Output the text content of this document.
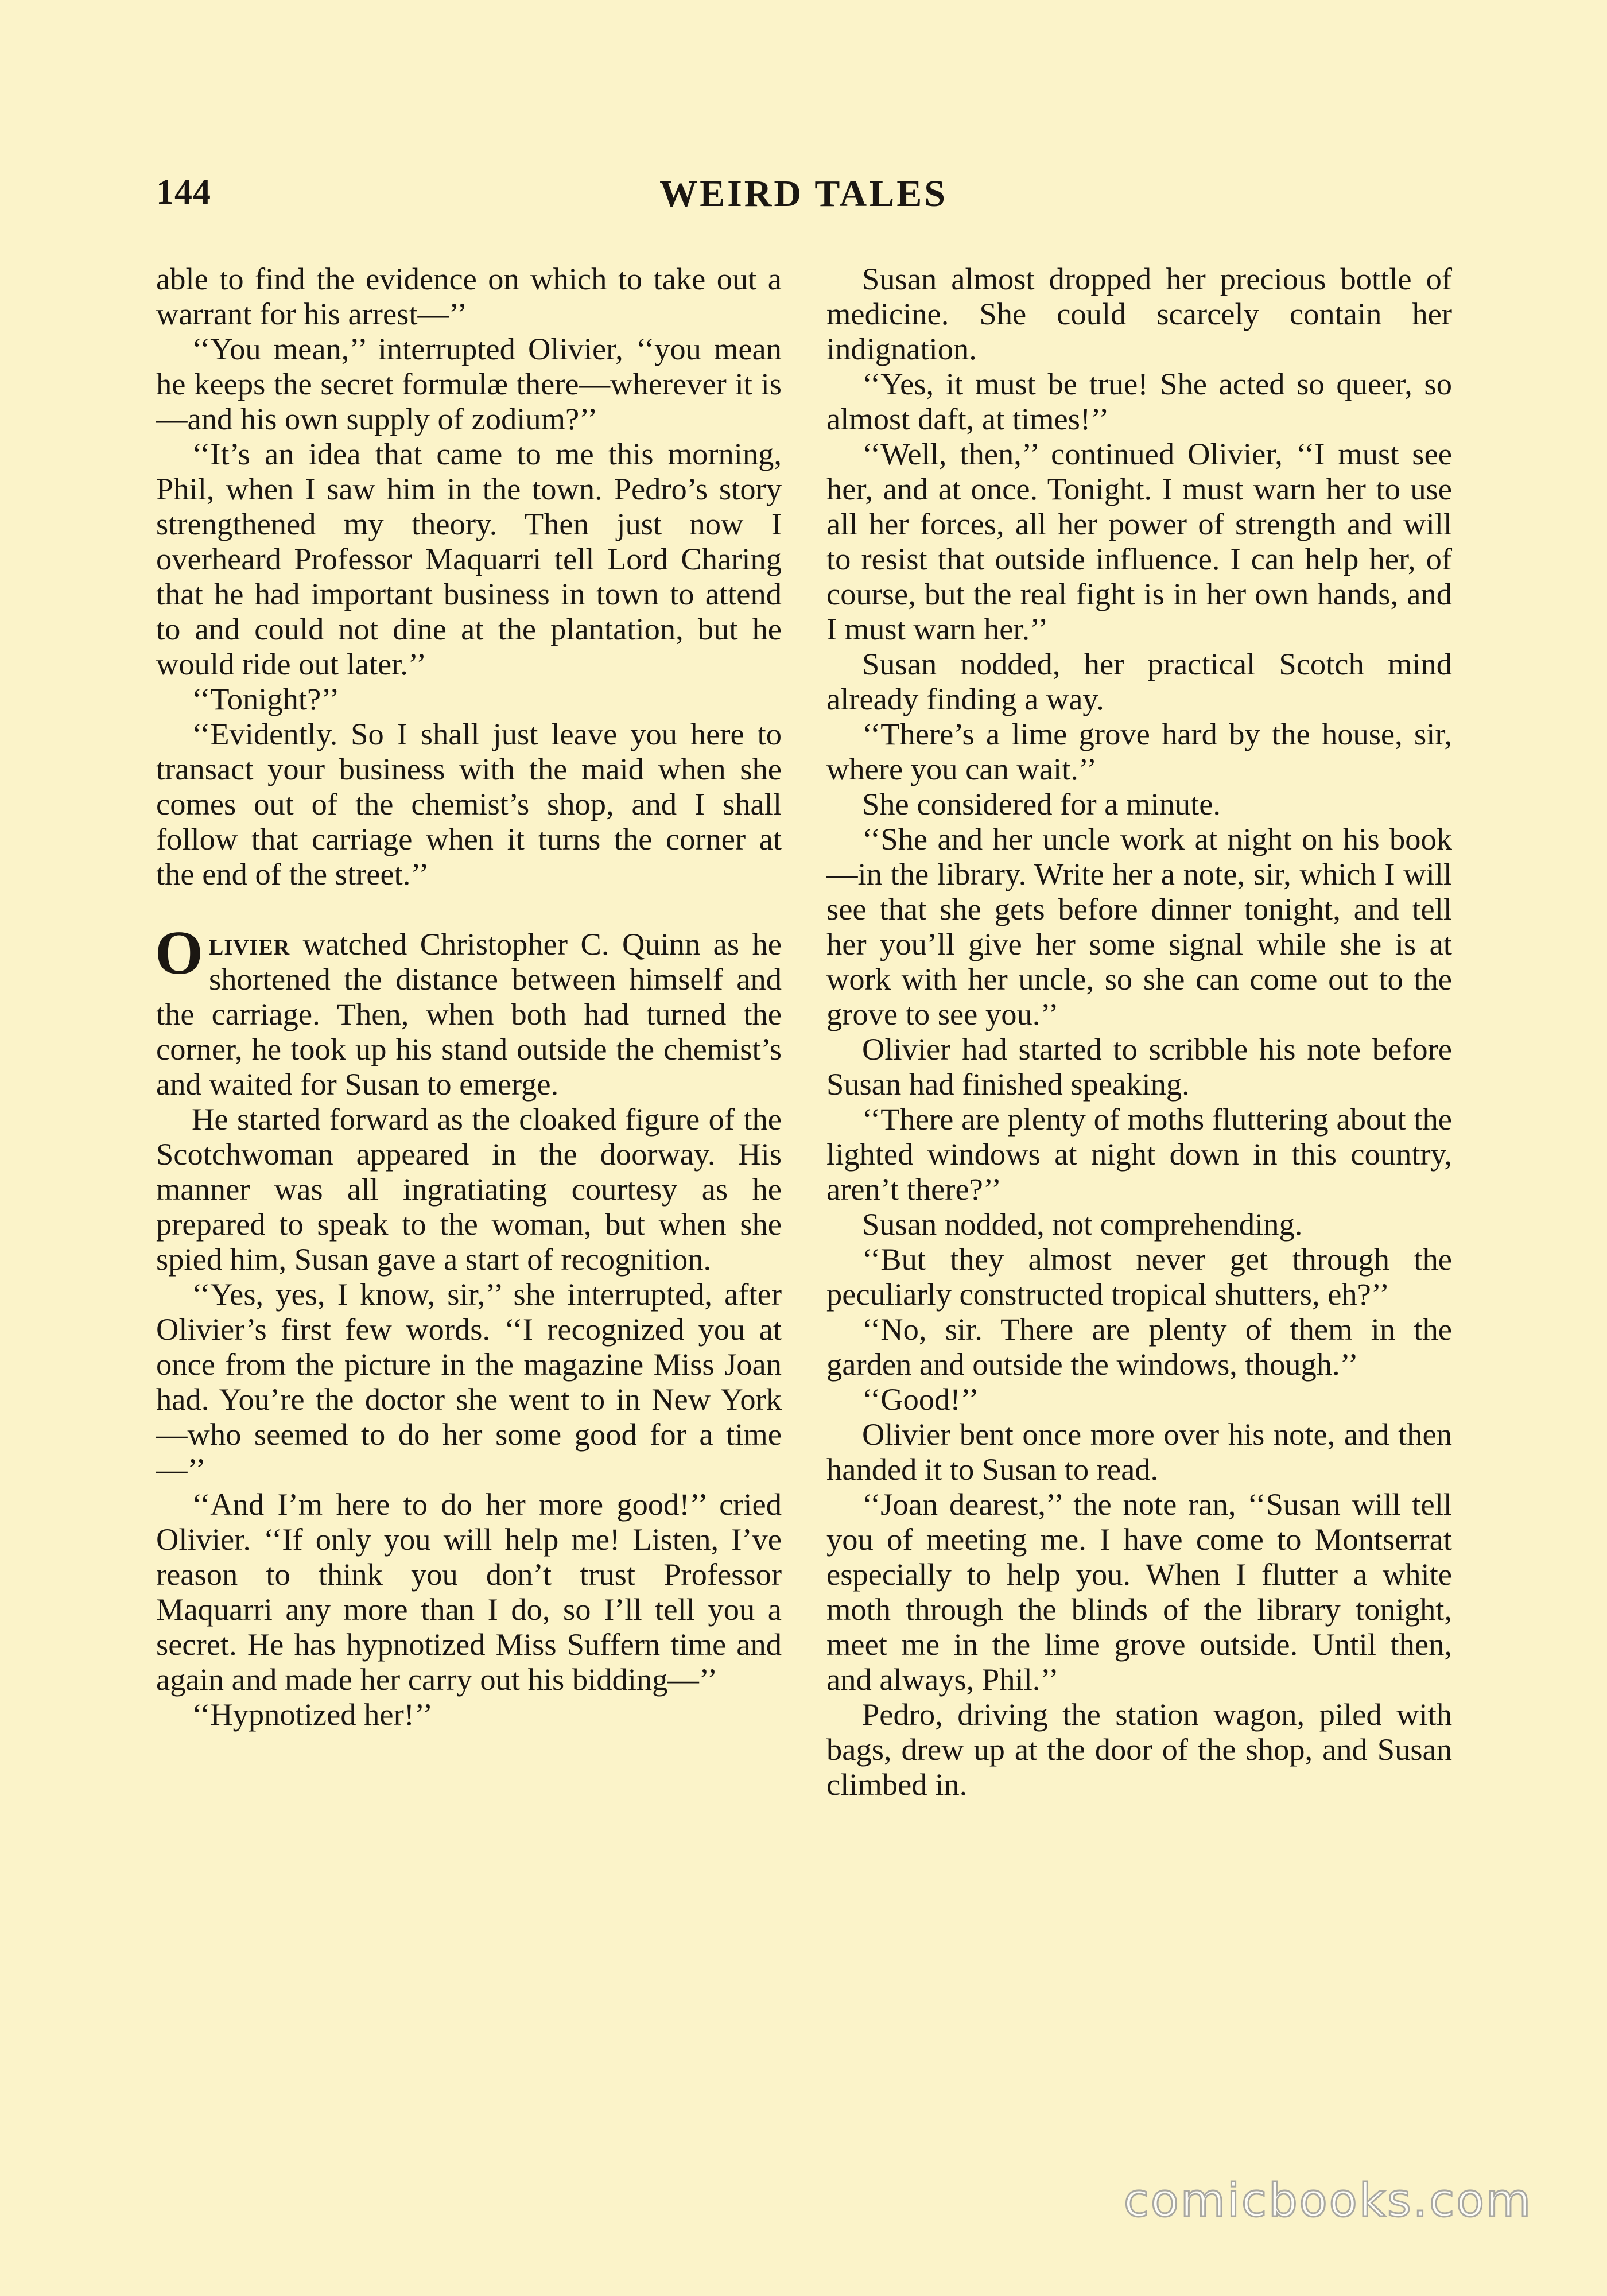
144	WEIRD TALES

able to find the evidence on which to take out a warrant for his arrest—’’

‘‘You mean,’’ interrupted Olivier, ‘‘you mean he keeps the secret formulæ there—wherever it is—and his own supply of zodium?’’

‘‘It’s an idea that came to me this morning, Phil, when I saw him in the town. Pedro’s story strengthened my theory. Then just now I overheard Professor Maquarri tell Lord Charing that he had important business in town to attend to and could not dine at the plantation, but he would ride out later.’’

‘‘Tonight?’’

‘‘Evidently. So I shall just leave you here to transact your business with the maid when she comes out of the chemist’s shop, and I shall follow that carriage when it turns the corner at the end of the street.’’

Olivier watched Christopher C. Quinn as he shortened the distance between himself and the carriage. Then, when both had turned the corner, he took up his stand outside the chemist’s and waited for Susan to emerge.

He started forward as the cloaked figure of the Scotchwoman appeared in the doorway. His manner was all ingratiating courtesy as he prepared to speak to the woman, but when she spied him, Susan gave a start of recognition.

‘‘Yes, yes, I know, sir,’’ she interrupted, after Olivier’s first few words. ‘‘I recognized you at once from the picture in the magazine Miss Joan had. You’re the doctor she went to in New York—who seemed to do her some good for a time—’’

‘‘And I’m here to do her more good!’’ cried Olivier. ‘‘If only you will help me! Listen, I’ve reason to think you don’t trust Professor Maquarri any more than I do, so I’ll tell you a secret. He has hypnotized Miss Suffern time and again and made her carry out his bidding—’’

‘‘Hypnotized her!’’

Susan almost dropped her precious bottle of medicine. She could scarcely contain her indignation.

‘‘Yes, it must be true! She acted so queer, so almost daft, at times!’’

‘‘Well, then,’’ continued Olivier, ‘‘I must see her, and at once. Tonight. I must warn her to use all her forces, all her power of strength and will to resist that outside influence. I can help her, of course, but the real fight is in her own hands, and I must warn her.’’

Susan nodded, her practical Scotch mind already finding a way.

‘‘There’s a lime grove hard by the house, sir, where you can wait.’’

She considered for a minute.

‘‘She and her uncle work at night on his book—in the library. Write her a note, sir, which I will see that she gets before dinner tonight, and tell her you’ll give her some signal while she is at work with her uncle, so she can come out to the grove to see you.’’

Olivier had started to scribble his note before Susan had finished speaking.

‘‘There are plenty of moths fluttering about the lighted windows at night down in this country, aren’t there?’’

Susan nodded, not comprehending.

‘‘But they almost never get through the peculiarly constructed tropical shutters, eh?’’

‘‘No, sir. There are plenty of them in the garden and outside the windows, though.’’

‘‘Good!’’

Olivier bent once more over his note, and then handed it to Susan to read.

‘‘Joan dearest,’’ the note ran, ‘‘Susan will tell you of meeting me. I have come to Montserrat especially to help you. When I flutter a white moth through the blinds of the library tonight, meet me in the lime grove outside. Until then, and always, Phil.’’

Pedro, driving the station wagon, piled with bags, drew up at the door of the shop, and Susan climbed in.

comicbooks.com
